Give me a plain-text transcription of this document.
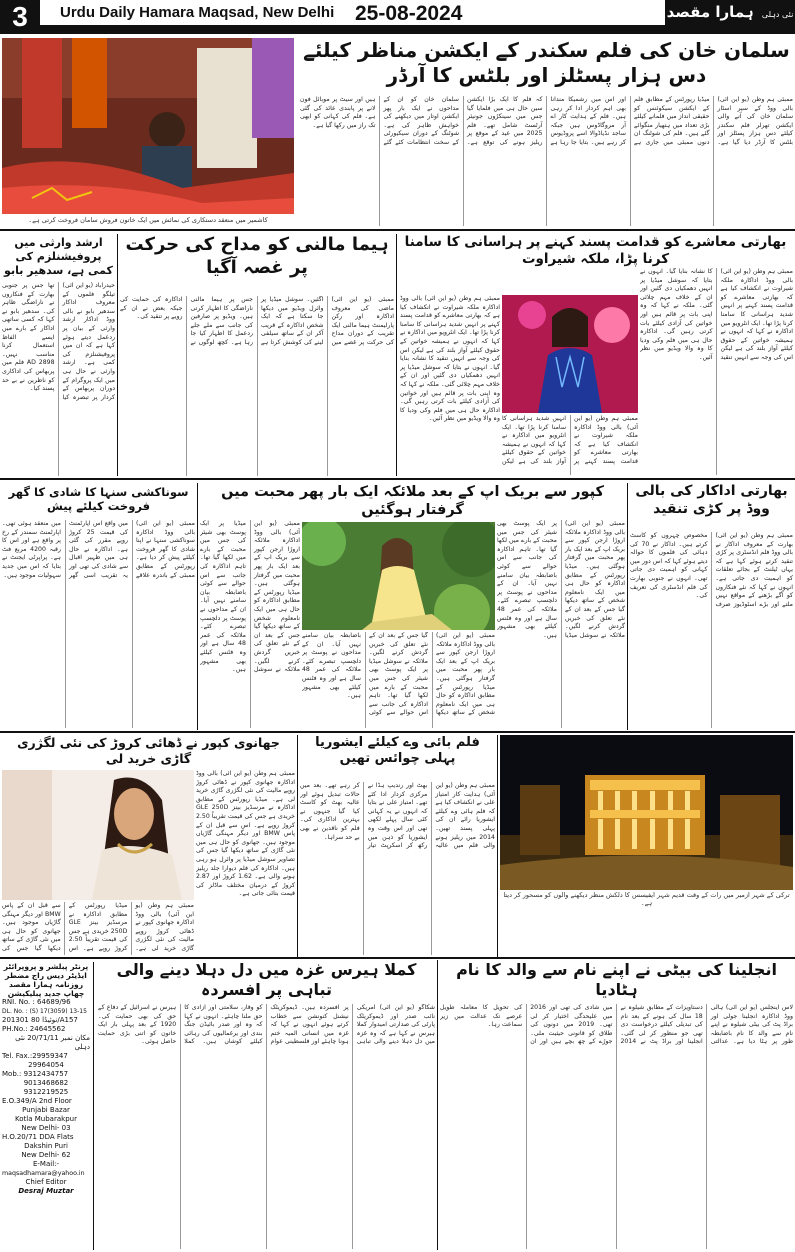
3	Urdu Daily Hamara Maqsad, New Delhi 25-08-2024	نئی دہلی ہمارا مقصد
کاشمیر میں منعقد دستکاری کی نمائش میں ایک خاتون فروش سامان فروخت کرتی ہے۔
سلمان خان کی فلم سکندر کے ایکشن مناظر کیلئے دس ہزار پسٹلز اور بلٹس کا آرڈر
ممبئی ہم وطن (یو این آئی) بالی ووڈ کے سپر اسٹار سلمان خان کی آنے والی ایکشن تھرلر فلم سکندر کیلئے دس ہزار پسٹلز اور بلٹس کا آرڈر دیا گیا ہے۔ میڈیا رپورٹس کے مطابق فلم کے ایکشن سیکوئنس کو حقیقی انداز میں فلمانے کیلئے بڑی تعداد میں ہتھیار منگوائے گئے ہیں۔ فلم کی شوٹنگ ان دنوں ممبئی میں جاری ہے اور اس میں رشمیکا مندانا بھی اہم کردار ادا کر رہی ہیں۔ فلم کے ہدایت کار اے آر مروگاڈوس ہیں جبکہ ساجد نڈیاڈوالا اسے پروڈیوس کر رہے ہیں۔ بتایا جا رہا ہے کہ فلم کا ایک بڑا ایکشن سین حال ہی میں فلمایا گیا جس میں سینکڑوں جونیئر آرٹسٹ شامل تھے۔ فلم 2025 میں عید کے موقع پر ریلیز ہونے کی توقع ہے۔ سلمان خان کو ان کے مداحوں نے ایک بار پھر ایکشن اوتار میں دیکھنے کی خواہش ظاہر کی ہے۔ شوٹنگ کے دوران سیکیورٹی کے سخت انتظامات کئے گئے ہیں اور سیٹ پر موبائل فون لانے پر پابندی عائد کی گئی ہے۔ فلم کی کہانی کو ابھی تک راز میں رکھا گیا ہے۔
بھارتی معاشرے کو قدامت پسند کہنے پر ہراسانی کا سامنا کرنا پڑا، ملکہ شیراوت
ممبئی ہم وطن (یو این آئی) بالی ووڈ اداکارہ ملکہ شیراوت نے انکشاف کیا ہے کہ بھارتی معاشرے کو قدامت پسند کہنے پر انہیں شدید ہراسانی کا سامنا کرنا پڑا تھا۔ ایک انٹرویو میں اداکارہ نے کہا کہ انہوں نے ہمیشہ خواتین کے حقوق کیلئے آواز بلند کی ہے لیکن اس کی وجہ سے انہیں تنقید کا نشانہ بنایا گیا۔ انہوں نے بتایا کہ سوشل میڈیا پر انہیں دھمکیاں دی گئیں اور ان کے خلاف مہم چلائی گئی۔ ملکہ نے کہا کہ وہ اپنی بات پر قائم ہیں اور خواتین کی آزادی کیلئے بات کرتی رہیں گی۔ اداکارہ حال ہی میں فلم وکی ودیا کا وہ والا ویڈیو میں نظر آئیں۔
ممبئی ہم وطن (یو این آئی) بالی ووڈ اداکارہ ملکہ شیراوت نے انکشاف کیا ہے کہ بھارتی معاشرے کو قدامت پسند کہنے پر انہیں شدید ہراسانی کا سامنا کرنا پڑا تھا۔ ایک انٹرویو میں اداکارہ نے کہا کہ انہوں نے ہمیشہ خواتین کے حقوق کیلئے آواز بلند کی ہے لیکن اس کی وجہ سے انہیں تنقید کا نشانہ بنایا گیا۔ انہوں نے بتایا کہ سوشل میڈیا پر انہیں دھمکیاں دی گئیں اور ان کے خلاف مہم چلائی گئی۔ ملکہ نے کہا کہ وہ اپنی بات پر قائم ہیں اور خواتین کی آزادی کیلئے بات کرتی رہیں گی۔ اداکارہ حال ہی میں فلم وکی ودیا کا وہ والا ویڈیو میں نظر آئیں۔	ممبئی ہم وطن (یو این آئی) بالی ووڈ اداکارہ ملکہ شیراوت نے انکشاف کیا ہے کہ بھارتی معاشرے کو قدامت پسند کہنے پر انہیں شدید ہراسانی کا سامنا کرنا پڑا تھا۔ ایک انٹرویو میں اداکارہ نے کہا کہ انہوں نے ہمیشہ خواتین کے حقوق کیلئے آواز بلند کی ہے لیکن
ہیما مالنی کو مداح کی حرکت پر غصہ آگیا
ممبئی (یو این آئی) ماضی کی معروف اداکارہ اور رکن پارلیمنٹ ہیما مالنی ایک تقریب کے دوران مداح کی حرکت پر غصے میں آگئیں۔ سوشل میڈیا پر وائرل ویڈیو میں دیکھا جا سکتا ہے کہ ایک شخص اداکارہ کے قریب آکر ان کے ساتھ سیلفی لینے کی کوشش کرتا ہے جس پر ہیما مالنی ناراضگی کا اظہار کرتی ہیں۔ ویڈیو پر صارفین کی جانب سے ملے جلے ردعمل کا اظہار کیا جا رہا ہے۔ کچھ لوگوں نے اداکارہ کی حمایت کی جبکہ بعض نے ان کے رویے پر تنقید کی۔
ارشد وارثی میں پروفیشنلزم کی کمی ہے، سدھیر بابو
حیدرآباد (یو این آئی) تیلگو فلموں کے معروف اداکار سدھیر بابو نے بالی ووڈ اداکار ارشد وارثی کے بیان پر ردعمل دیتے ہوئے کہا ہے کہ ان میں پروفیشنلزم کی کمی ہے۔ ارشد وارثی نے حال ہی میں ایک پروگرام کے دوران پربھاس کے کردار پر تبصرہ کیا تھا جس پر جنوبی بھارت کے فنکاروں نے ناراضگی ظاہر کی۔ سدھیر بابو نے کہا کہ کسی ساتھی اداکار کے بارے میں ایسے الفاظ استعمال کرنا مناسب نہیں۔ 2898 AD فلم میں پربھاس کی اداکاری کو ناظرین نے بے حد پسند کیا۔
بھارتی اداکار کی بالی ووڈ پر کڑی تنقید
ممبئی ہم وطن (یو این آئی) بھارت کے معروف اداکار نے بالی ووڈ فلم انڈسٹری پر کڑی تنقید کرتے ہوئے کہا ہے کہ یہاں ٹیلنٹ کے بجائے تعلقات کو اہمیت دی جاتی ہے۔ انہوں نے کہا کہ نئے فنکاروں کو آگے بڑھنے کے مواقع نہیں ملتے اور بڑے اسٹوڈیوز صرف مخصوص چہروں کو کاسٹ کرتے ہیں۔ اداکار نے 70 کی دہائی کی فلموں کا حوالہ دیتے ہوئے کہا کہ اس دور میں کہانی کو اہمیت دی جاتی تھی۔ انہوں نے جنوبی بھارت کی فلم انڈسٹری کی تعریف کی۔
کپور سے بریک اپ کے بعد ملائکہ ایک بار پھر محبت میں گرفتار ہوگئیں
ممبئی (یو این آئی) بالی ووڈ اداکارہ ملائکہ اروڑا ارجن کپور سے بریک اپ کے بعد ایک بار پھر محبت میں گرفتار ہوگئی ہیں۔ میڈیا رپورٹس کے مطابق اداکارہ کو حال ہی میں ایک نامعلوم شخص کے ساتھ دیکھا گیا جس کے بعد ان کے نئے تعلق کی خبریں گردش کرنے لگیں۔ ملائکہ نے سوشل میڈیا پر ایک پوسٹ بھی شیئر کی جس میں محبت کے بارے میں لکھا گیا تھا۔ تاہم اداکارہ کی جانب سے اس حوالے سے کوئی باضابطہ بیان سامنے نہیں آیا۔ ان کے مداحوں نے پوسٹ پر دلچسپ تبصرے کئے۔ ملائکہ کی عمر 48 سال ہے اور وہ فٹنس کیلئے بھی مشہور ہیں۔
ممبئی (یو این آئی) بالی ووڈ اداکارہ ملائکہ اروڑا ارجن کپور سے بریک اپ کے بعد ایک بار پھر محبت میں گرفتار ہوگئی ہیں۔ میڈیا رپورٹس کے مطابق اداکارہ کو حال ہی میں ایک نامعلوم شخص کے ساتھ دیکھا گیا جس کے بعد ان کے نئے تعلق کی خبریں گردش کرنے لگیں۔ ملائکہ نے سوشل میڈیا پر ایک پوسٹ بھی شیئر کی جس میں محبت کے بارے میں لکھا گیا تھا۔ تاہم اداکارہ کی جانب سے اس حوالے سے کوئی باضابطہ بیان سامنے نہیں آیا۔ ان کے مداحوں نے پوسٹ پر دلچسپ تبصرے کئے۔ ملائکہ کی عمر 48 سال ہے اور وہ فٹنس کیلئے بھی مشہور ہیں۔
ممبئی (یو این آئی) بالی ووڈ اداکارہ ملائکہ اروڑا ارجن کپور سے بریک اپ کے بعد ایک بار پھر محبت میں گرفتار ہوگئی ہیں۔ میڈیا رپورٹس کے مطابق اداکارہ کو حال ہی میں ایک نامعلوم شخص کے ساتھ دیکھا گیا جس کے بعد ان کے نئے تعلق کی خبریں گردش کرنے لگیں۔ ملائکہ نے سوشل میڈیا پر ایک پوسٹ بھی شیئر کی جس میں محبت کے بارے میں لکھا گیا تھا۔ تاہم اداکارہ کی جانب سے اس حوالے سے کوئی باضابطہ بیان سامنے نہیں آیا۔ ان کے مداحوں نے پوسٹ پر دلچسپ تبصرے کئے۔ ملائکہ کی عمر 48 سال ہے اور وہ فٹنس کیلئے بھی مشہور ہیں۔
سوناکشی سنہا کا شادی کا گھر فروخت کیلئے پیش
ممبئی (یو این آئی) بالی ووڈ اداکارہ سوناکشی سنہا نے اپنا شادی کا گھر فروخت کیلئے پیش کر دیا ہے۔ رپورٹس کے مطابق ممبئی کے باندرہ علاقے میں واقع اس اپارٹمنٹ کی قیمت 25 کروڑ روپے مقرر کی گئی ہے۔ اداکارہ نے حال ہی میں ظہیر اقبال سے شادی کی تھی اور یہ تقریب اسی گھر میں منعقد ہوئی تھی۔ اپارٹمنٹ سمندر کے رخ پر واقع ہے اور اس کا رقبہ 4200 مربع فٹ ہے۔ پراپرٹی ایجنٹ نے بتایا کہ اس میں جدید سہولیات موجود ہیں۔
ترکی کے شہر ازمیر میں رات کے وقت قدیم شہر ایفیسس کا دلکش منظر دیکھنے والوں کو مسحور کر دیتا ہے۔
فلم بائی وے کیلئے ایشوریا پہلی چوائس تھیں
ممبئی ہم وطن (یو این آئی) ہدایت کار امتیاز علی نے انکشاف کیا ہے کہ فلم ہائی وے کیلئے ایشوریا رائے ان کی پہلی پسند تھیں۔ 2014 میں ریلیز ہونے والی فلم میں عالیہ بھٹ اور رندیپ ہڈا نے مرکزی کردار ادا کئے تھے۔ امتیاز علی نے بتایا کہ انہوں نے یہ کہانی کئی سال پہلے لکھی تھی اور اس وقت وہ ایشوریا کو ذہن میں رکھ کر اسکرپٹ تیار کر رہے تھے۔ بعد میں حالات تبدیل ہوئے اور عالیہ بھٹ کو کاسٹ کیا گیا جنہوں نے بہترین اداکاری کی۔ فلم کو ناقدین نے بھی بے حد سراہا۔
جھانوی کپور نے ڈھائی کروڑ کی نئی لگژری گاڑی خرید لی
ممبئی ہم وطن (یو این آئی) بالی ووڈ اداکارہ جھانوی کپور نے ڈھائی کروڑ روپے مالیت کی نئی لگژری گاڑی خرید لی ہے۔ میڈیا رپورٹس کے مطابق اداکارہ نے مرسڈیز بینز GLE 250D خریدی ہے جس کی قیمت تقریباً 2.50 کروڑ روپے ہے۔ اس سے قبل ان کے پاس BMW اور دیگر مہنگی گاڑیاں موجود ہیں۔ جھانوی کو حال ہی میں نئی گاڑی کے ساتھ دیکھا گیا جس کی تصاویر سوشل میڈیا پر وائرل ہو رہی ہیں۔ اداکارہ کی فلم دیوارا جلد ریلیز ہونے والی ہے۔ 1.62 کروڑ اور 2.87 کروڑ کے درمیان مختلف ماڈلز کی قیمت بتائی جاتی ہے۔
ممبئی ہم وطن (یو این آئی) بالی ووڈ اداکارہ جھانوی کپور نے ڈھائی کروڑ روپے مالیت کی نئی لگژری گاڑی خرید لی ہے۔ میڈیا رپورٹس کے مطابق اداکارہ نے مرسڈیز بینز GLE 250D خریدی ہے جس کی قیمت تقریباً 2.50 کروڑ روپے ہے۔ اس سے قبل ان کے پاس BMW اور دیگر مہنگی گاڑیاں موجود ہیں۔ جھانوی کو حال ہی میں نئی گاڑی کے ساتھ دیکھا گیا جس کی
پرنٹر پبلشر و پروپرائٹر
ایڈیٹر دیس راج مضطر
روزنامہ ہمارا مقصد
چھاپ جدید پبلیکیشن
RNI. No. : 64689/96
DL. No. : (S) 17(3059) 13-15
201301 نوئیڈا 80/A157
PH.No.: 24645562
مکان نمبر 20/71/11 نئی دہلی
Tel. Fax.:29959347
29964054
Mob.: 9312434757
9013468682
9312219525
E.O.349/A 2nd Floor
Punjabi Bazar
Kotla Mubarakpur
New Delhi- 03
H.O.20/71 DDA Flats
Dakshin Puri
New Delhi- 62
E-Mail:-
maqsadhamara@yahoo.in
Chief Editor
Desraj Muztar
انجلینا کی بیٹی نے اپنے نام سے والد کا نام ہٹادیا
لاس اینجلس (یو این آئی) ہالی ووڈ اداکارہ انجلینا جولی اور براڈ پٹ کی بیٹی شیلوہ نے اپنے نام سے والد کا نام باضابطہ طور پر ہٹا دیا ہے۔ عدالتی دستاویزات کے مطابق شیلوہ نے 18 سال کی ہونے کے بعد نام کی تبدیلی کیلئے درخواست دی تھی جو منظور کر لی گئی۔ انجلینا اور براڈ پٹ نے 2014 میں شادی کی تھی اور 2016 میں علیحدگی اختیار کر لی تھی۔ 2019 میں دونوں کی طلاق کو قانونی حیثیت ملی۔ جوڑے کے چھ بچے ہیں اور ان کی تحویل کا معاملہ طویل عرصے تک عدالت میں زیر سماعت رہا۔
کملا ہیرس غزہ میں دل دہلا دینے والی تباہی پر افسردہ
شکاگو (یو این آئی) امریکی نائب صدر اور ڈیموکریٹک پارٹی کی صدارتی امیدوار کملا ہیرس نے کہا ہے کہ وہ غزہ میں دل دہلا دینے والی تباہی پر افسردہ ہیں۔ ڈیموکریٹک نیشنل کنونشن سے خطاب کرتے ہوئے انہوں نے کہا کہ غزہ میں انسانی المیہ ختم ہونا چاہئے اور فلسطینی عوام کو وقار، سلامتی اور آزادی کا حق ملنا چاہئے۔ انہوں نے کہا کہ وہ اور صدر بائیڈن جنگ بندی اور یرغمالیوں کی رہائی کیلئے کوشاں ہیں۔ کملا ہیرس نے اسرائیل کے دفاع کے حق کی بھی حمایت کی۔ 1920 کے بعد پہلی بار ایک خاتون کو اتنی بڑی حمایت حاصل ہوئی۔
